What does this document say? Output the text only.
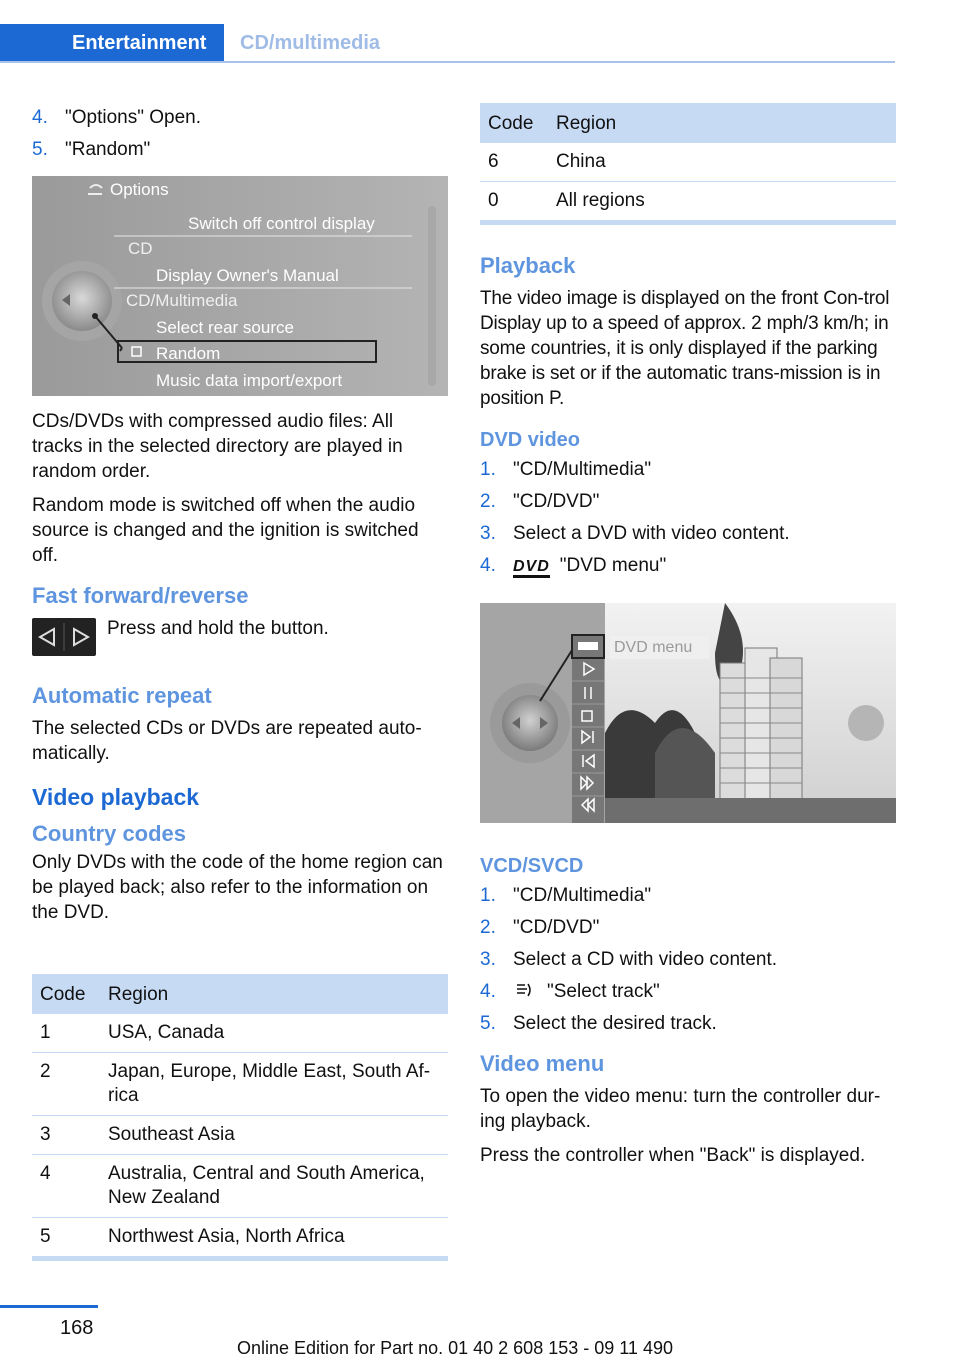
Entertainment	CD/multimedia
4. "Options" Open.
5. "Random"
Options
Switch off control display
CD
Display Owner's Manual
CD/Multimedia
Select rear source
Random
Music data import/export

CDs/DVDs with compressed audio files: All tracks in the selected directory are played in random order.

Random mode is switched off when the audio source is changed and the ignition is switched off.

Fast forward/reverse
Press and hold the button.
Automatic repeat

The selected CDs or DVDs are repeated auto‐matically.

Video playback
Country codes

Only DVDs with the code of the home region can be played back; also refer to the information on the DVD.

Code	Region
1	USA, Canada
2	Japan, Europe, Middle East, South Af‐rica
3	Southeast Asia
4	Australia, Central and South America, New Zealand
5	Northwest Asia, North Africa
Code	Region
6	China
0	All regions
Playback

The video image is displayed on the front Con‐trol Display up to a speed of approx. 2 mph/3 km/h; in some countries, it is only displayed if the parking brake is set or if the automatic trans‐mission is in position P.

DVD video
1. "CD/Multimedia"
2. "CD/DVD"
3. Select a DVD with video content.
4. DVD "DVD menu"
DVD menu
VCD/SVCD
1. "CD/Multimedia"
2. "CD/DVD"
3. Select a CD with video content.
4.	"Select track"
5. Select the desired track.
Video menu

To open the video menu: turn the controller dur‐ing playback.

Press the controller when "Back" is displayed.

168
Online Edition for Part no. 01 40 2 608 153 - 09 11 490
